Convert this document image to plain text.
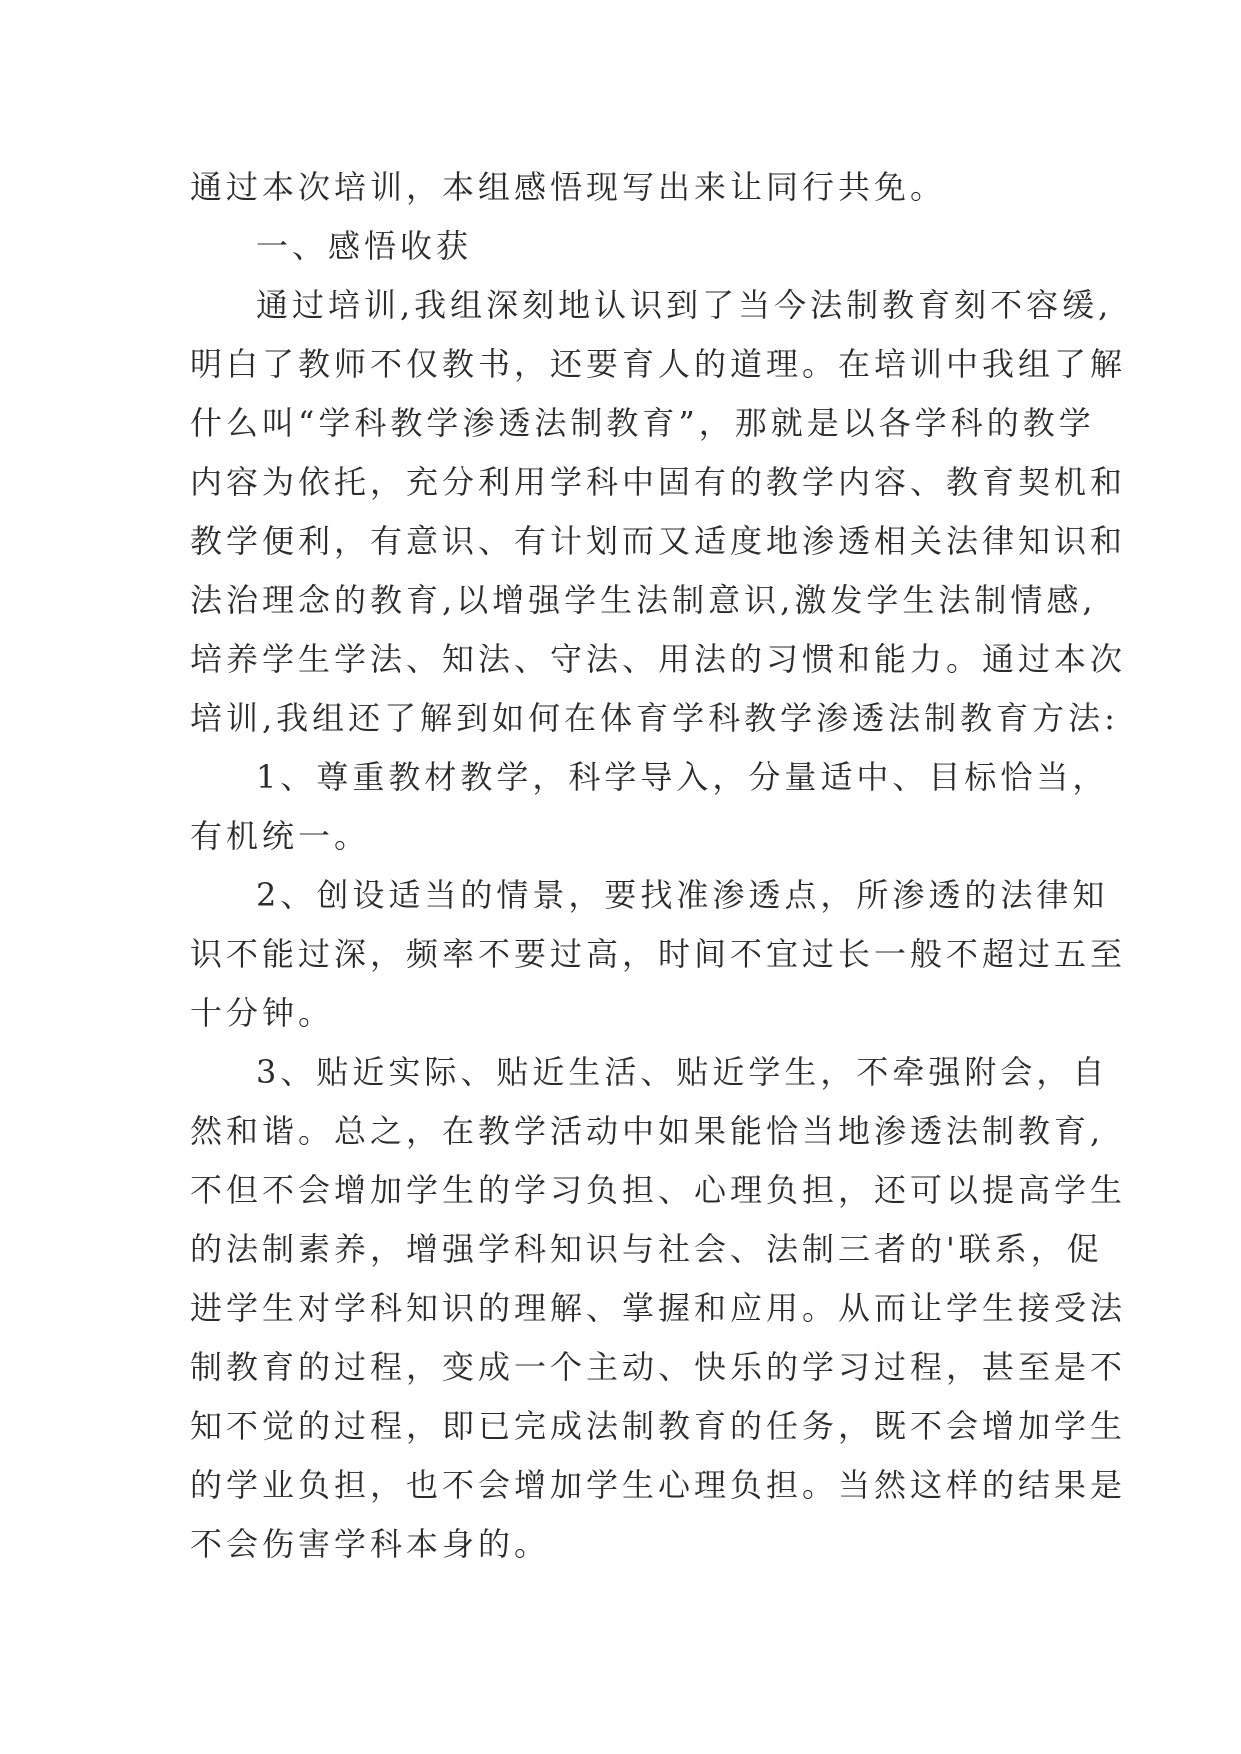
通过本次培训，本组感悟现写出来让同行共免。
一、感悟收获
通过培训,我组深刻地认识到了当今法制教育刻不容缓,
明白了教师不仅教书，还要育人的道理。在培训中我组了解
什么叫“学科教学渗透法制教育”，那就是以各学科的教学
内容为依托，充分利用学科中固有的教学内容、教育契机和
教学便利，有意识、有计划而又适度地渗透相关法律知识和
法治理念的教育,以增强学生法制意识,激发学生法制情感,
培养学生学法、知法、守法、用法的习惯和能力。通过本次
培训,我组还了解到如何在体育学科教学渗透法制教育方法:
1、尊重教材教学，科学导入，分量适中、目标恰当，
有机统一。
2、创设适当的情景，要找准渗透点，所渗透的法律知
识不能过深，频率不要过高，时间不宜过长一般不超过五至
十分钟。
3、贴近实际、贴近生活、贴近学生，不牵强附会，自
然和谐。总之，在教学活动中如果能恰当地渗透法制教育,
不但不会增加学生的学习负担、心理负担，还可以提高学生
的法制素养，增强学科知识与社会、法制三者的'联系，促
进学生对学科知识的理解、掌握和应用。从而让学生接受法
制教育的过程，变成一个主动、快乐的学习过程，甚至是不
知不觉的过程，即已完成法制教育的任务，既不会增加学生
的学业负担，也不会增加学生心理负担。当然这样的结果是
不会伤害学科本身的。
